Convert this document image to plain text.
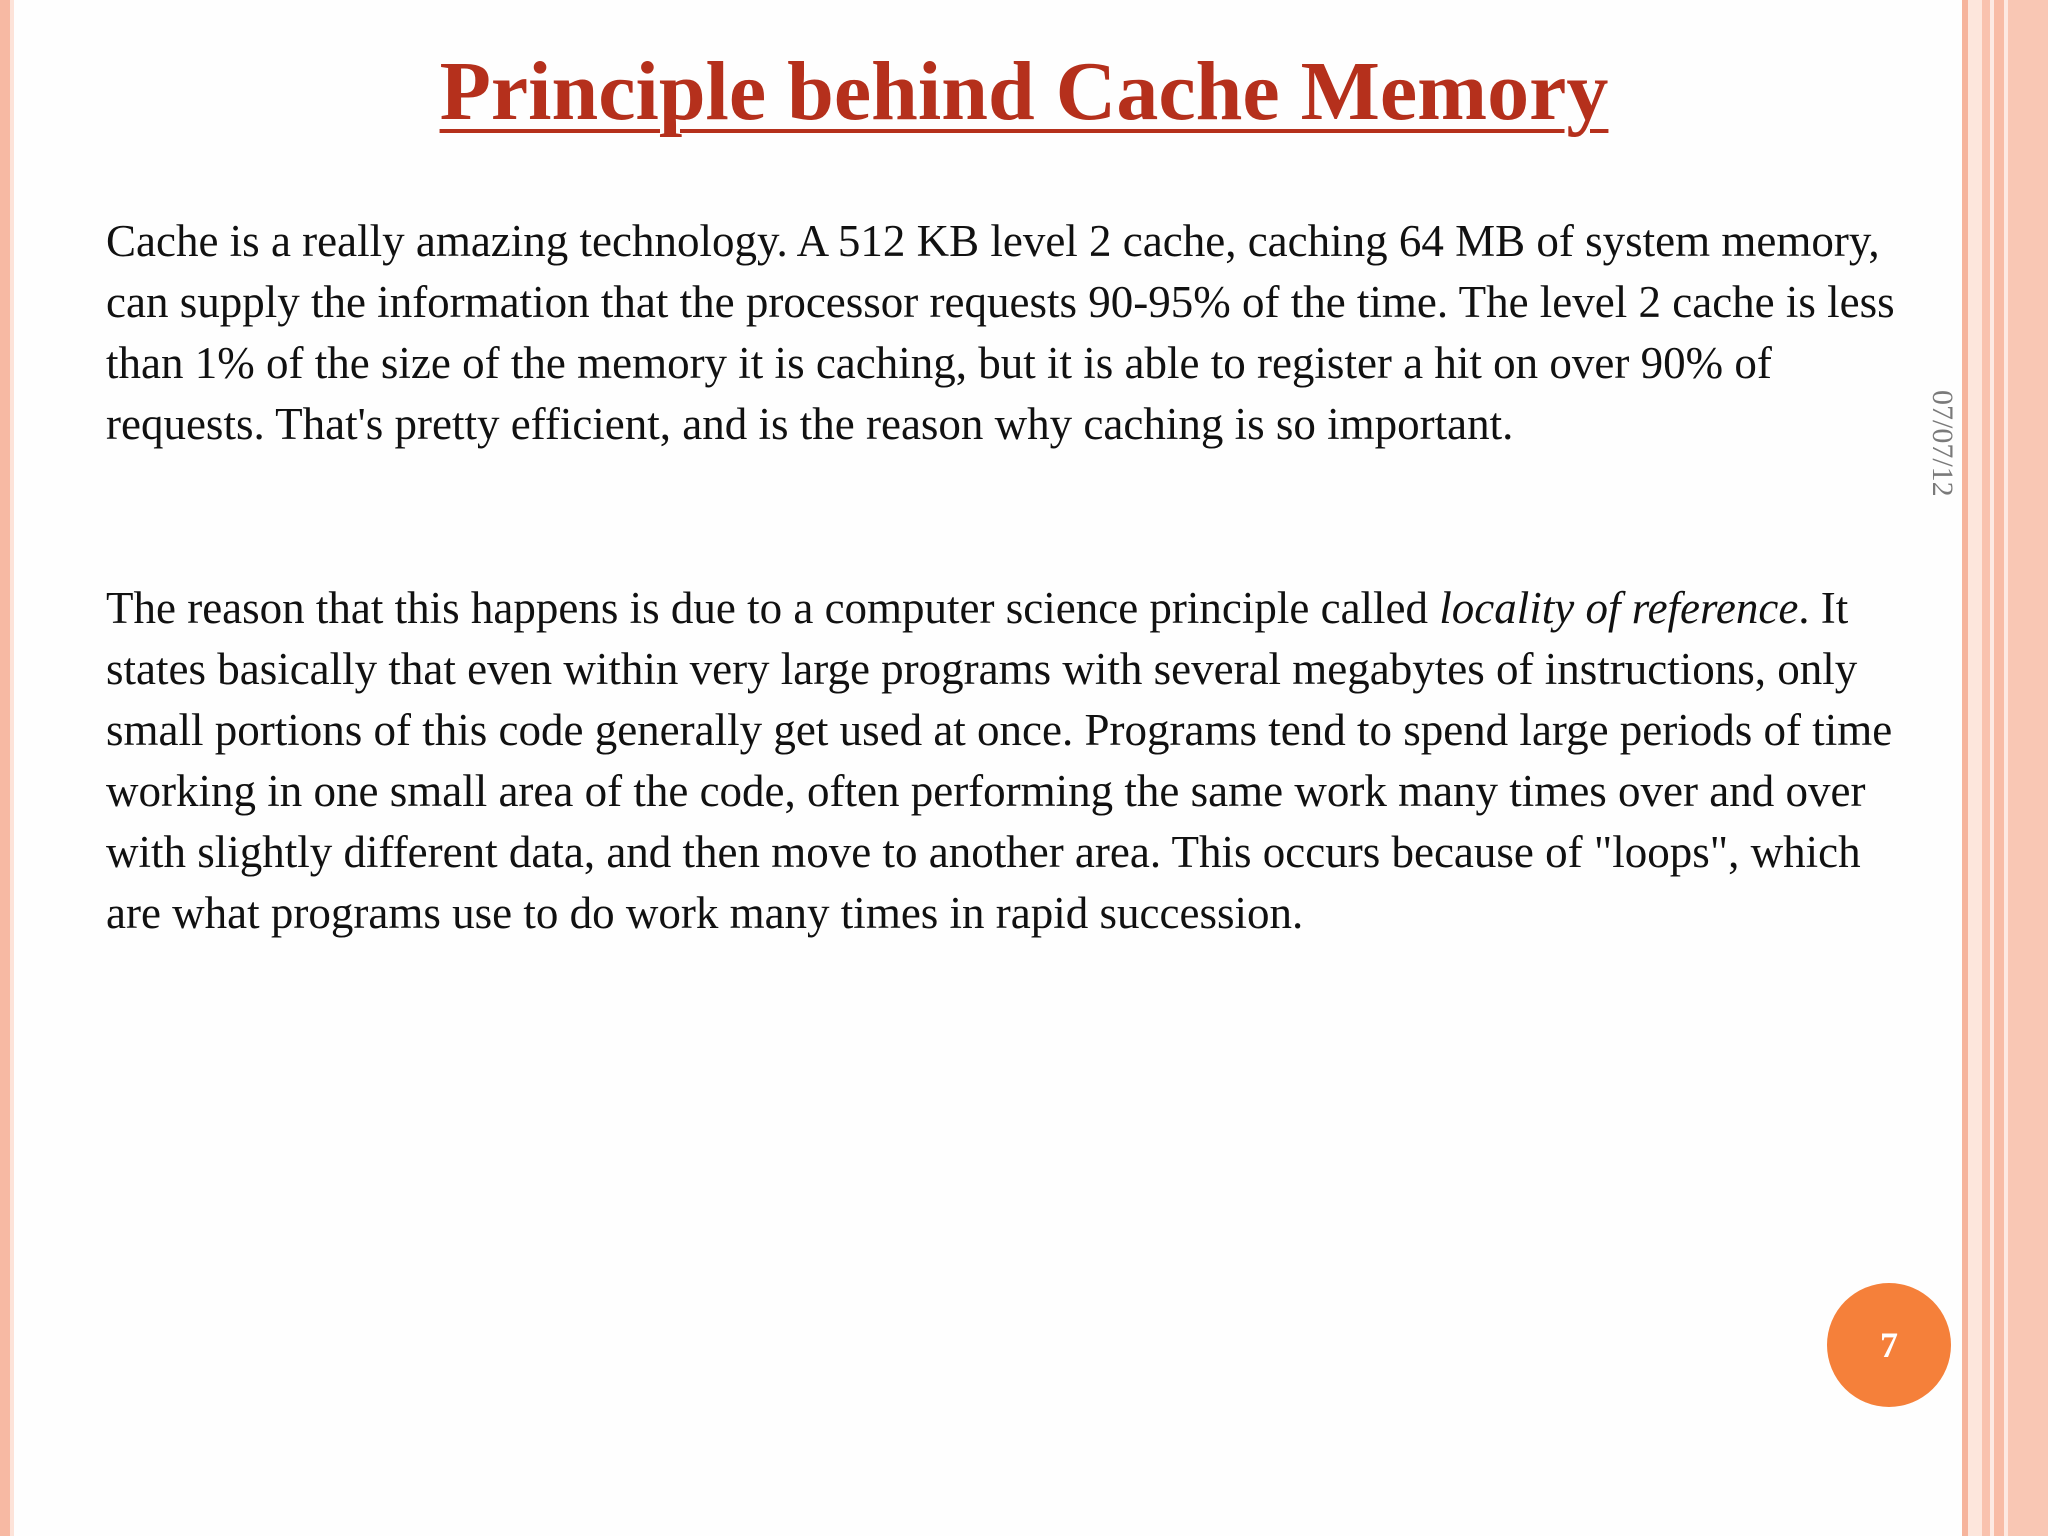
Principle behind Cache Memory

Cache is a really amazing technology. A 512 KB level 2 cache, caching 64 MB of system memory, can supply the information that the processor requests 90-95% of the time. The level 2 cache is less than 1% of the size of the memory it is caching, but it is able to register a hit on over 90% of requests. That's pretty efficient, and is the reason why caching is so important.

The reason that this happens is due to a computer science principle called locality of reference. It states basically that even within very large programs with several megabytes of instructions, only small portions of this code generally get used at once. Programs tend to spend large periods of time working in one small area of the code, often performing the same work many times over and over with slightly different data, and then move to another area. This occurs because of "loops", which are what programs use to do work many times in rapid succession.

07/07/12
7
